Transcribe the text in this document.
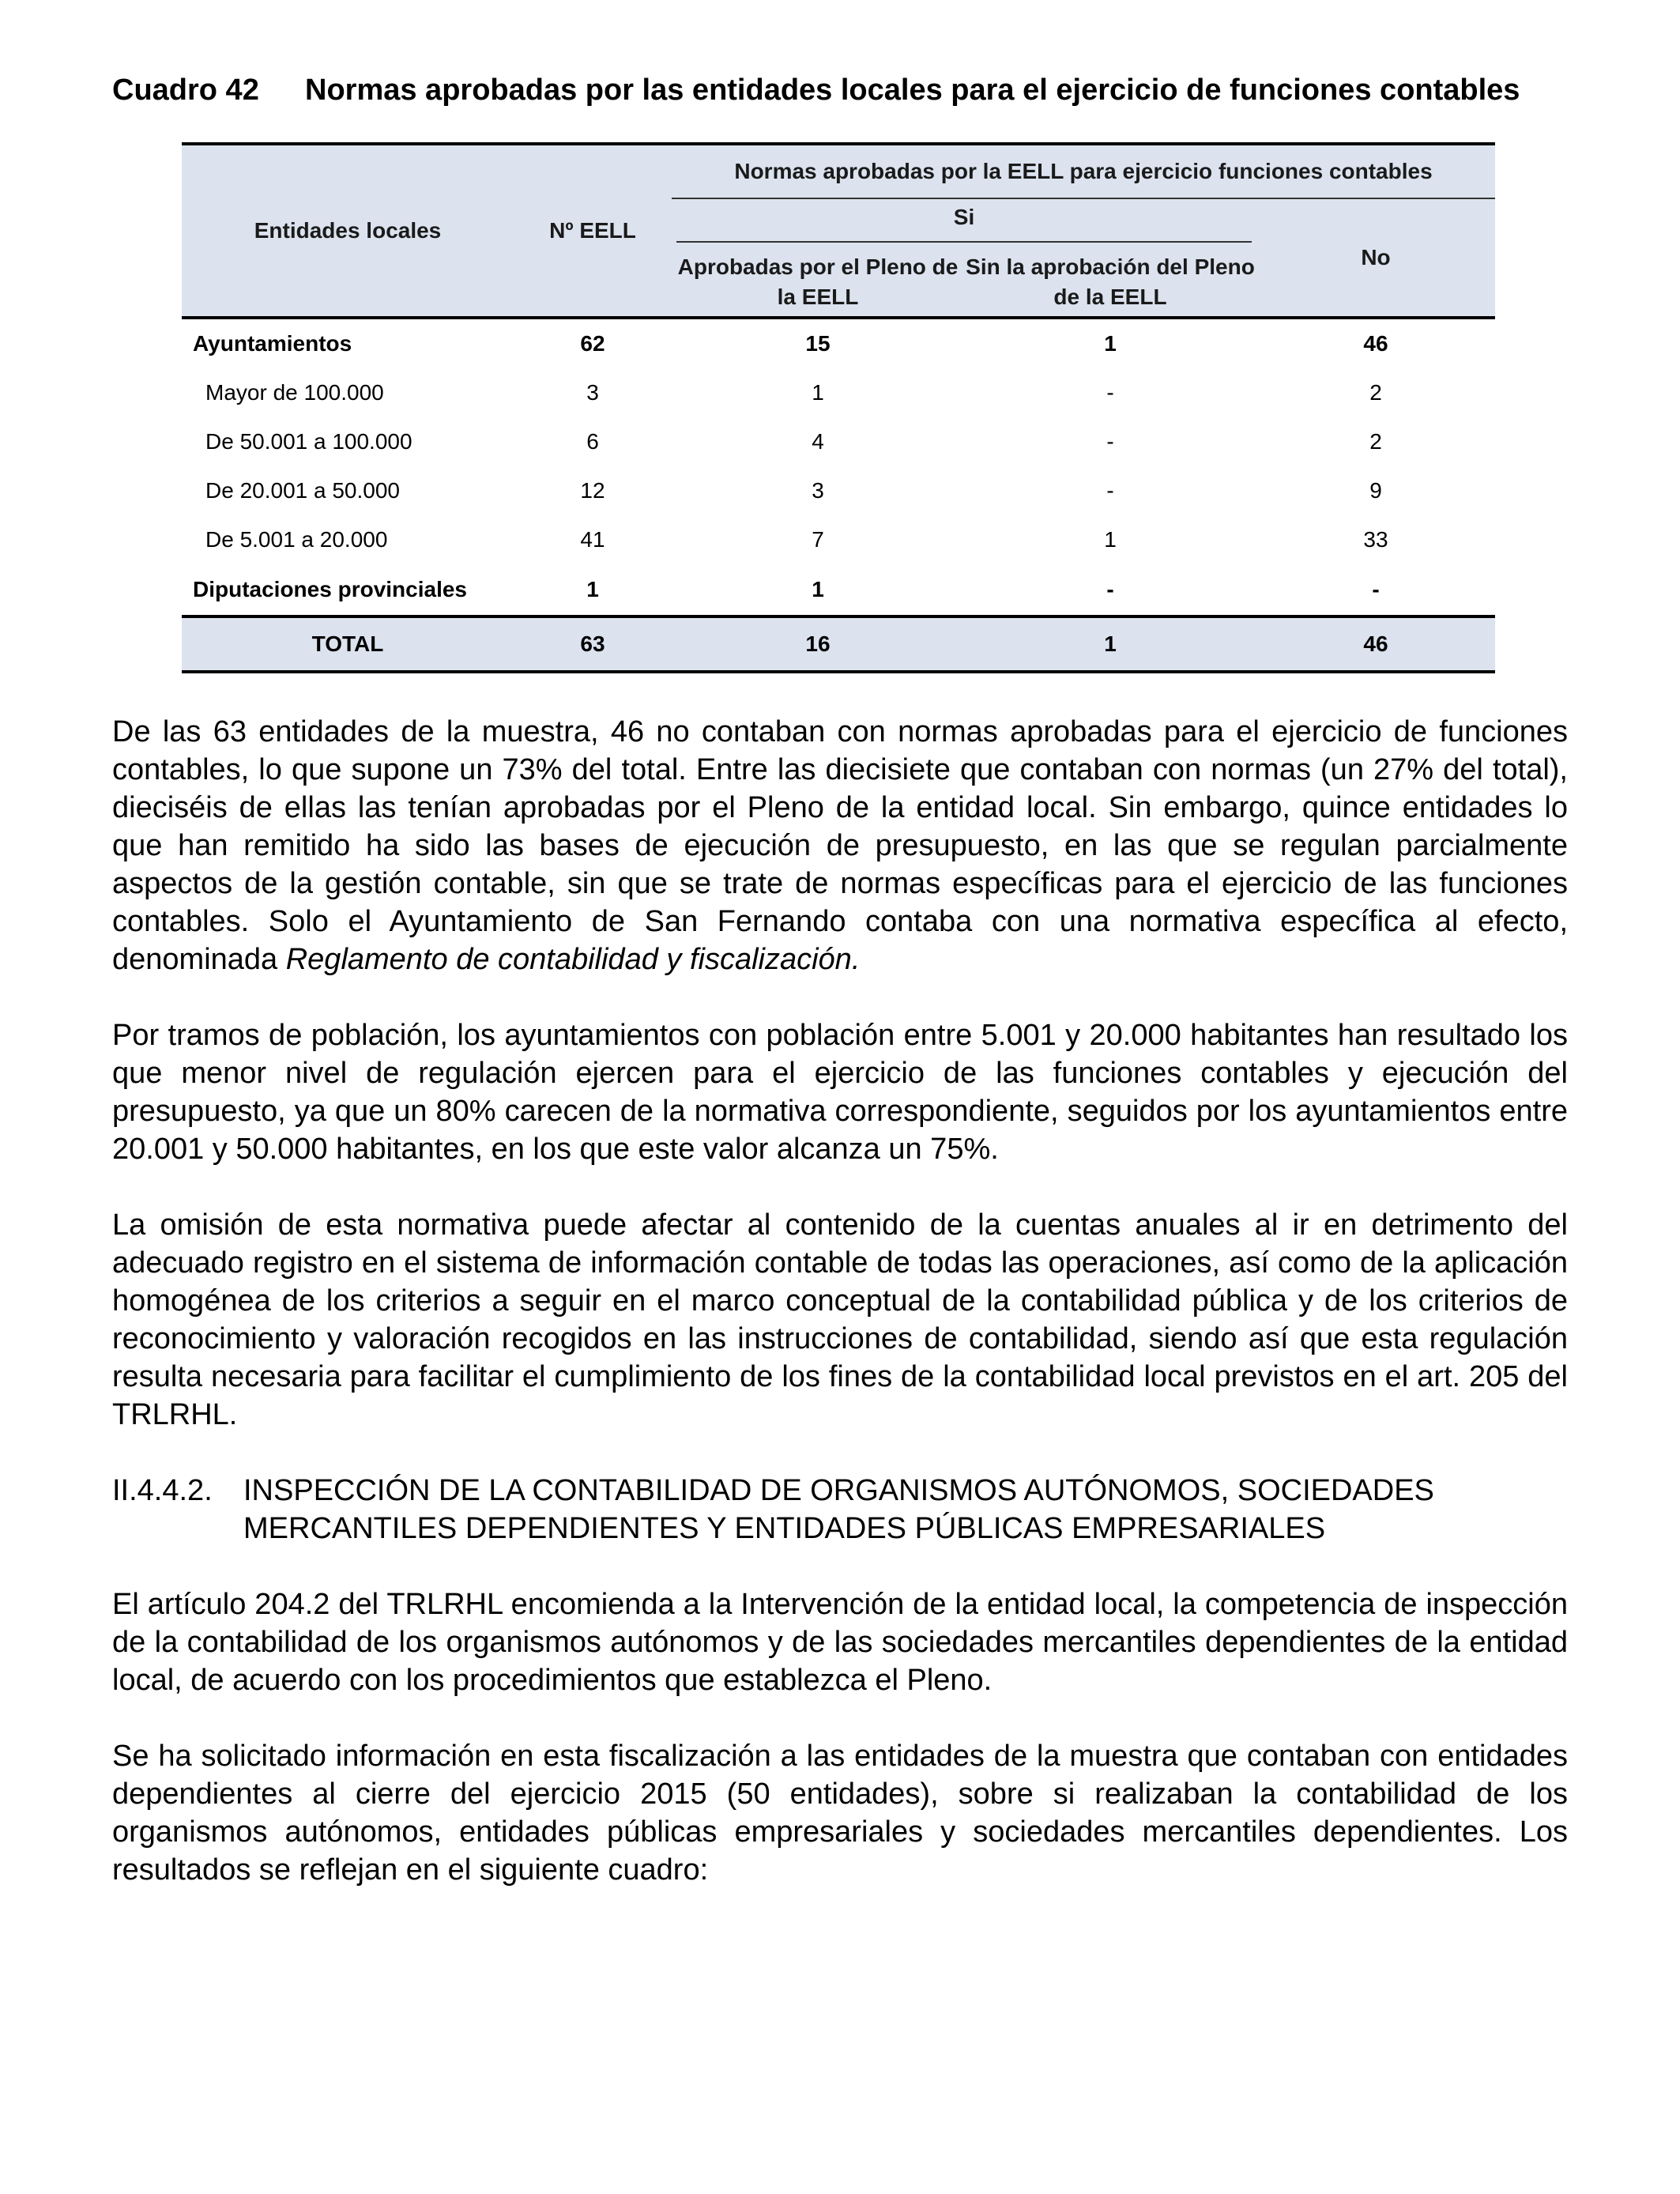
Cuadro 42	Normas aprobadas por las entidades locales para el ejercicio de funciones contables
Entidades locales	Nº EELL	Normas aprobadas por la EELL para ejercicio funciones contables		

		Si		No
		Aprobadas por el Pleno de la EELL	Sin la aprobación del Pleno de la EELL	
Ayuntamientos	62	15	1	46
Mayor de 100.000	3	1	-	2
De 50.001 a 100.000	6	4	-	2
De 20.001 a 50.000	12	3	-	9
De 5.001 a 20.000	41	7	1	33
Diputaciones provinciales	1	1	-	-
TOTAL	63	16	1	46

De las 63 entidades de la muestra, 46 no contaban con normas aprobadas para el ejercicio de funciones contables, lo que supone un 73% del total. Entre las diecisiete que contaban con normas (un 27% del total), dieciséis de ellas las tenían aprobadas por el Pleno de la entidad local. Sin embargo, quince entidades lo que han remitido ha sido las bases de ejecución de presupuesto, en las que se regulan parcialmente aspectos de la gestión contable, sin que se trate de normas específicas para el ejercicio de las funciones contables. Solo el Ayuntamiento de San Fernando contaba con una normativa específica al efecto, denominada Reglamento de contabilidad y fiscalización.

Por tramos de población, los ayuntamientos con población entre 5.001 y 20.000 habitantes han resultado los que menor nivel de regulación ejercen para el ejercicio de las funciones contables y ejecución del presupuesto, ya que un 80% carecen de la normativa correspondiente, seguidos por los ayuntamientos entre 20.001 y 50.000 habitantes, en los que este valor alcanza un 75%.

La omisión de esta normativa puede afectar al contenido de la cuentas anuales al ir en detrimento del adecuado registro en el sistema de información contable de todas las operaciones, así como de la aplicación homogénea de los criterios a seguir en el marco conceptual de la contabilidad pública y de los criterios de reconocimiento y valoración recogidos en las instrucciones de contabilidad, siendo así que esta regulación resulta necesaria para facilitar el cumplimiento de los fines de la contabilidad local previstos en el art. 205 del TRLRHL.

II.4.4.2.	INSPECCIÓN DE LA CONTABILIDAD DE ORGANISMOS AUTÓNOMOS, SOCIEDADES MERCANTILES DEPENDIENTES Y ENTIDADES PÚBLICAS EMPRESARIALES

El artículo 204.2 del TRLRHL encomienda a la Intervención de la entidad local, la competencia de inspección de la contabilidad de los organismos autónomos y de las sociedades mercantiles dependientes de la entidad local, de acuerdo con los procedimientos que establezca el Pleno.

Se ha solicitado información en esta fiscalización a las entidades de la muestra que contaban con entidades dependientes al cierre del ejercicio 2015 (50 entidades), sobre si realizaban la contabilidad de los organismos autónomos, entidades públicas empresariales y sociedades mercantiles dependientes. Los resultados se reflejan en el siguiente cuadro:
